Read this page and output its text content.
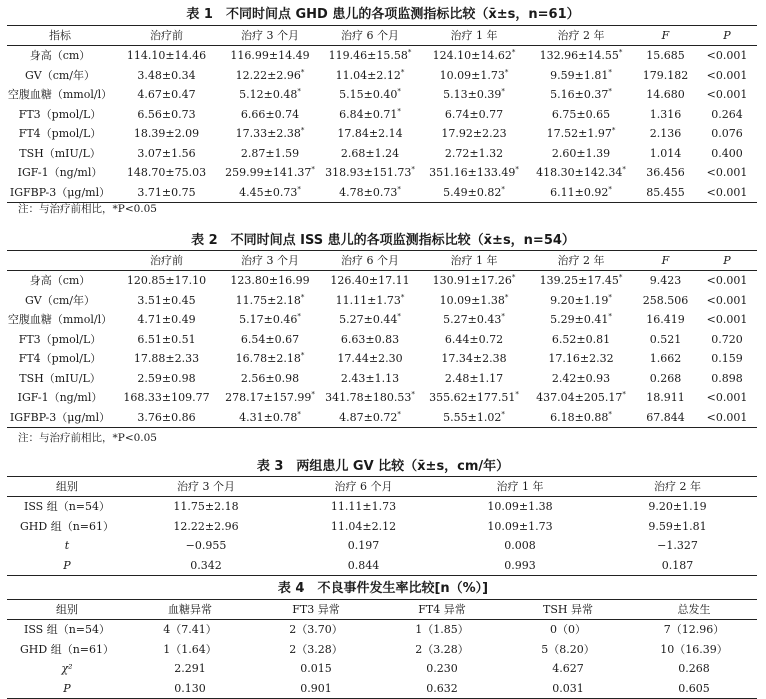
表 1　不同时间点 GHD 患儿的各项监测指标比较（x̄±s，n=61）
指标	治疗前	治疗 3 个月	治疗 6 个月	治疗 1 年	治疗 2 年	F	P
身高（cm）	114.10±14.46	116.99±14.49	119.46±15.58*	124.10±14.62*	132.96±14.55*	15.685	<0.001
GV（cm/年）	3.48±0.34	12.22±2.96*	11.04±2.12*	10.09±1.73*	9.59±1.81*	179.182	<0.001
空腹血糖（mmol/l）	4.67±0.47	5.12±0.48*	5.15±0.40*	5.13±0.39*	5.16±0.37*	14.680	<0.001
FT3（pmol/L）	6.56±0.73	6.66±0.74	6.84±0.71*	6.74±0.77	6.75±0.65	1.316	0.264
FT4（pmol/L）	18.39±2.09	17.33±2.38*	17.84±2.14	17.92±2.23	17.52±1.97*	2.136	0.076
TSH（mIU/L）	3.07±1.56	2.87±1.59	2.68±1.24	2.72±1.32	2.60±1.39	1.014	0.400
IGF-1（ng/ml）	148.70±75.03	259.99±141.37*	318.93±151.73*	351.16±133.49*	418.30±142.34*	36.456	<0.001
IGFBP-3（μg/ml）	3.71±0.75	4.45±0.73*	4.78±0.73*	5.49±0.82*	6.11±0.92*	85.455	<0.001
注：与治疗前相比，*P<0.05
表 2　不同时间点 ISS 患儿的各项监测指标比较（x̄±s，n=54）
	治疗前	治疗 3 个月	治疗 6 个月	治疗 1 年	治疗 2 年	F	P
身高（cm）	120.85±17.10	123.80±16.99	126.40±17.11	130.91±17.26*	139.25±17.45*	9.423	<0.001
GV（cm/年）	3.51±0.45	11.75±2.18*	11.11±1.73*	10.09±1.38*	9.20±1.19*	258.506	<0.001
空腹血糖（mmol/l）	4.71±0.49	5.17±0.46*	5.27±0.44*	5.27±0.43*	5.29±0.41*	16.419	<0.001
FT3（pmol/L）	6.51±0.51	6.54±0.67	6.63±0.83	6.44±0.72	6.52±0.81	0.521	0.720
FT4（pmol/L）	17.88±2.33	16.78±2.18*	17.44±2.30	17.34±2.38	17.16±2.32	1.662	0.159
TSH（mIU/L）	2.59±0.98	2.56±0.98	2.43±1.13	2.48±1.17	2.42±0.93	0.268	0.898
IGF-1（ng/ml）	168.33±109.77	278.17±157.99*	341.78±180.53*	355.62±177.51*	437.04±205.17*	18.911	<0.001
IGFBP-3（μg/ml）	3.76±0.86	4.31±0.78*	4.87±0.72*	5.55±1.02*	6.18±0.88*	67.844	<0.001
注：与治疗前相比，*P<0.05
表 3　两组患儿 GV 比较（x̄±s，cm/年）
组别	治疗 3 个月	治疗 6 个月	治疗 1 年	治疗 2 年
ISS 组（n=54）	11.75±2.18	11.11±1.73	10.09±1.38	9.20±1.19
GHD 组（n=61）	12.22±2.96	11.04±2.12	10.09±1.73	9.59±1.81
t	−0.955	0.197	0.008	−1.327
P	0.342	0.844	0.993	0.187
表 4　不良事件发生率比较[n（%）]
组别	血糖异常	FT3 异常	FT4 异常	TSH 异常	总发生
ISS 组（n=54）	4（7.41）	2（3.70）	1（1.85）	0（0）	7（12.96）
GHD 组（n=61）	1（1.64）	2（3.28）	2（3.28）	5（8.20）	10（16.39）
χ²	2.291	0.015	0.230	4.627	0.268
P	0.130	0.901	0.632	0.031	0.605
